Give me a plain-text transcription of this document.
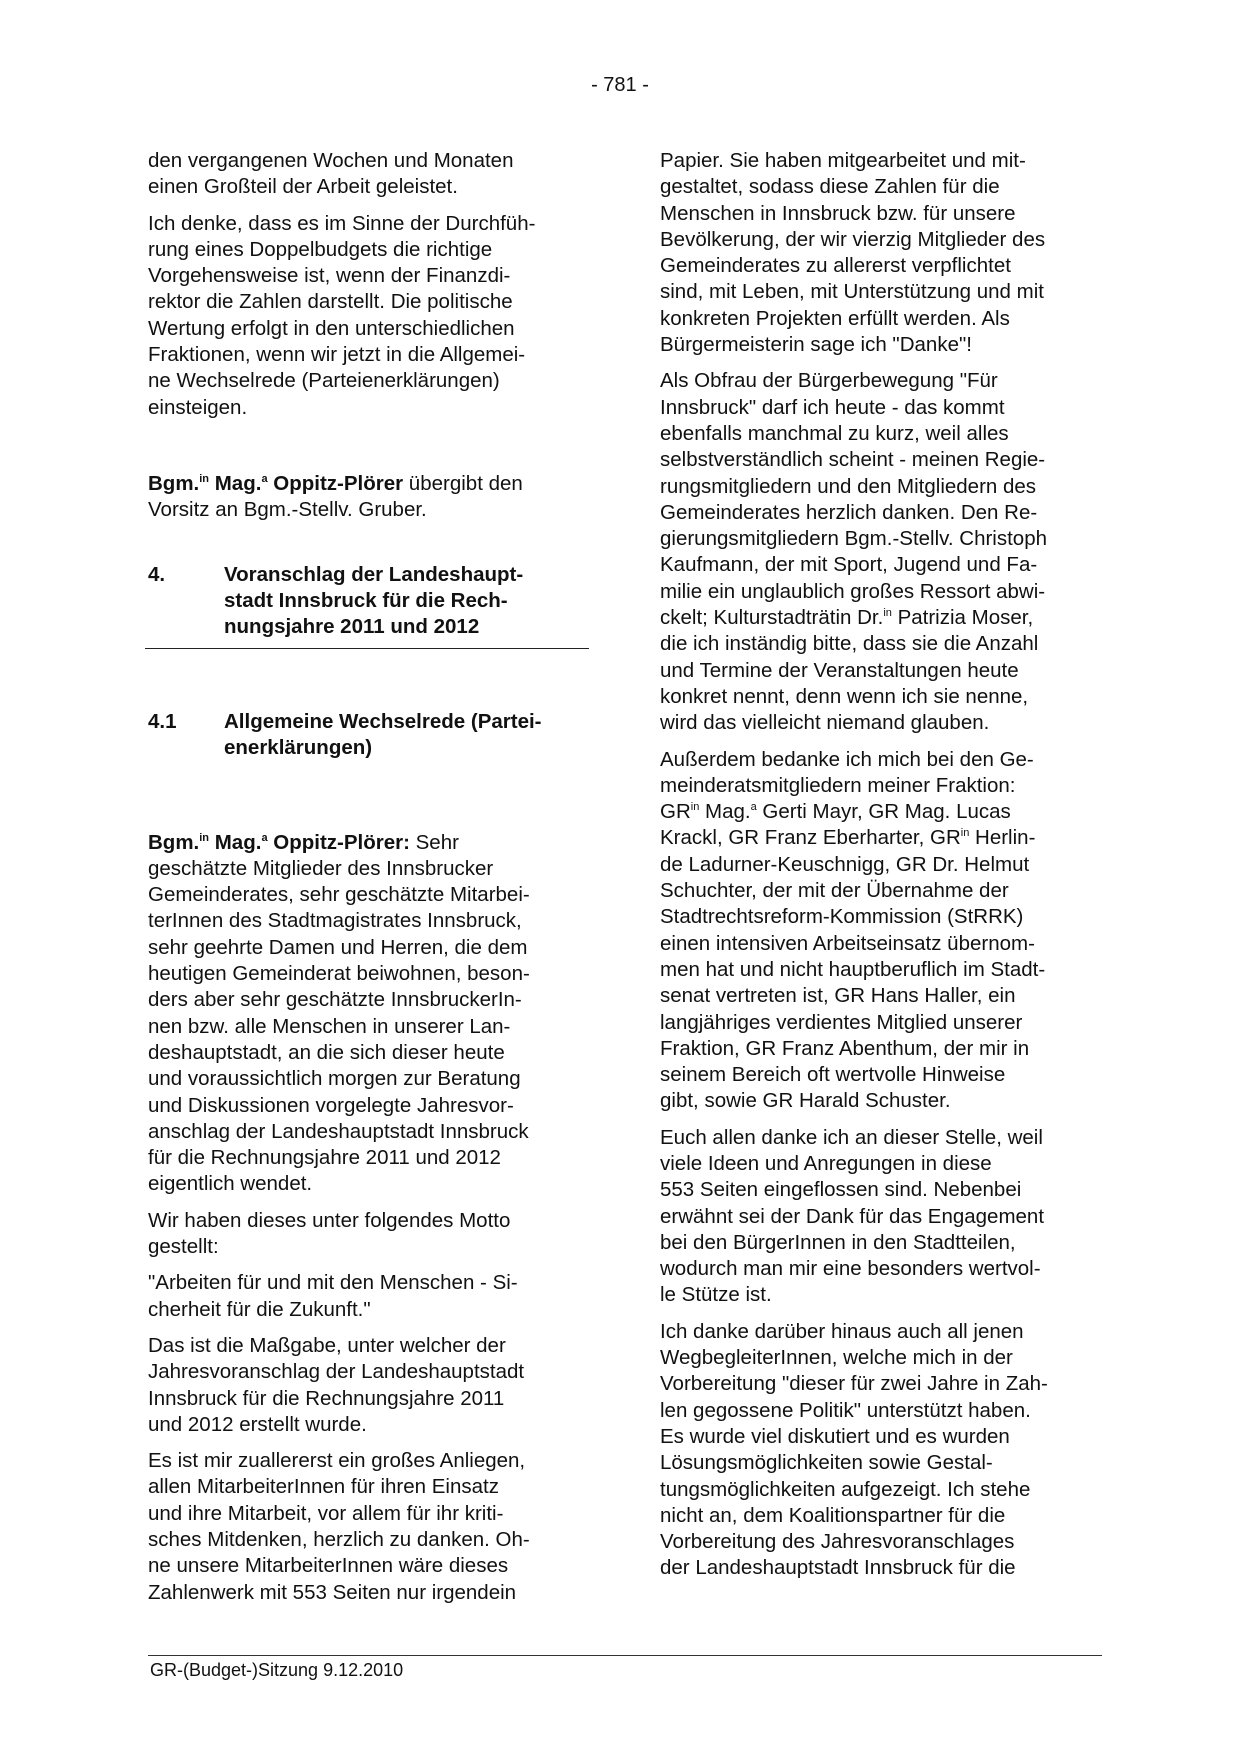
- 781 -

den vergangenen Wochen und Monaten
einen Großteil der Arbeit geleistet.

Ich denke, dass es im Sinne der Durchfüh-
rung eines Doppelbudgets die richtige
Vorgehensweise ist, wenn der Finanzdi-
rektor die Zahlen darstellt. Die politische
Wertung erfolgt in den unterschiedlichen
Fraktionen, wenn wir jetzt in die Allgemei-
ne Wechselrede (Parteienerklärungen)
einsteigen.

Bgm.$^{in}$ Mag.$^a$ Oppitz-Plörer übergibt den
Vorsitz an Bgm.-Stellv. Gruber.

4.	Voranschlag der Landeshaupt-
stadt Innsbruck für die Rech-
nungsjahre 2011 und 2012
4.1	Allgemeine Wechselrede (Partei-
enerklärungen)

Bgm.$^{in}$ Mag.$^a$ Oppitz-Plörer: Sehr
geschätzte Mitglieder des Innsbrucker
Gemeinderates, sehr geschätzte Mitarbei-
terInnen des Stadtmagistrates Innsbruck,
sehr geehrte Damen und Herren, die dem
heutigen Gemeinderat beiwohnen, beson-
ders aber sehr geschätzte InnsbruckerIn-
nen bzw. alle Menschen in unserer Lan-
deshauptstadt, an die sich dieser heute
und voraussichtlich morgen zur Beratung
und Diskussionen vorgelegte Jahresvor-
anschlag der Landeshauptstadt Innsbruck
für die Rechnungsjahre 2011 und 2012
eigentlich wendet.

Wir haben dieses unter folgendes Motto
gestellt:

"Arbeiten für und mit den Menschen - Si-
cherheit für die Zukunft."

Das ist die Maßgabe, unter welcher der
Jahresvoranschlag der Landeshauptstadt
Innsbruck für die Rechnungsjahre 2011
und 2012 erstellt wurde.

Es ist mir zuallererst ein großes Anliegen,
allen MitarbeiterInnen für ihren Einsatz
und ihre Mitarbeit, vor allem für ihr kriti-
sches Mitdenken, herzlich zu danken. Oh-
ne unsere MitarbeiterInnen wäre dieses
Zahlenwerk mit 553 Seiten nur irgendein

Papier. Sie haben mitgearbeitet und mit-
gestaltet, sodass diese Zahlen für die
Menschen in Innsbruck bzw. für unsere
Bevölkerung, der wir vierzig Mitglieder des
Gemeinderates zu allererst verpflichtet
sind, mit Leben, mit Unterstützung und mit
konkreten Projekten erfüllt werden. Als
Bürgermeisterin sage ich "Danke"!

Als Obfrau der Bürgerbewegung "Für
Innsbruck" darf ich heute - das kommt
ebenfalls manchmal zu kurz, weil alles
selbstverständlich scheint - meinen Regie-
rungsmitgliedern und den Mitgliedern des
Gemeinderates herzlich danken. Den Re-
gierungsmitgliedern Bgm.-Stellv. Christoph
Kaufmann, der mit Sport, Jugend und Fa-
milie ein unglaublich großes Ressort abwi-
ckelt; Kulturstadträtin Dr.$^{in}$ Patrizia Moser,
die ich inständig bitte, dass sie die Anzahl
und Termine der Veranstaltungen heute
konkret nennt, denn wenn ich sie nenne,
wird das vielleicht niemand glauben.

Außerdem bedanke ich mich bei den Ge-
meinderatsmitgliedern meiner Fraktion:
$GR^{in}$ Mag.$^a$ Gerti Mayr, GR Mag. Lucas
Krackl, GR Franz Eberharter, $GR^{in}$ Herlin-
de Ladurner-Keuschnigg, GR Dr. Helmut
Schuchter, der mit der Übernahme der
Stadtrechtsreform-Kommission (StRRK)
einen intensiven Arbeitseinsatz übernom-
men hat und nicht hauptberuflich im Stadt-
senat vertreten ist, GR Hans Haller, ein
langjähriges verdientes Mitglied unserer
Fraktion, GR Franz Abenthum, der mir in
seinem Bereich oft wertvolle Hinweise
gibt, sowie GR Harald Schuster.

Euch allen danke ich an dieser Stelle, weil
viele Ideen und Anregungen in diese
553 Seiten eingeflossen sind. Nebenbei
erwähnt sei der Dank für das Engagement
bei den BürgerInnen in den Stadtteilen,
wodurch man mir eine besonders wertvol-
le Stütze ist.

Ich danke darüber hinaus auch all jenen
WegbegleiterInnen, welche mich in der
Vorbereitung "dieser für zwei Jahre in Zah-
len gegossene Politik" unterstützt haben.
Es wurde viel diskutiert und es wurden
Lösungsmöglichkeiten sowie Gestal-
tungsmöglichkeiten aufgezeigt. Ich stehe
nicht an, dem Koalitionspartner für die
Vorbereitung des Jahresvoranschlages
der Landeshauptstadt Innsbruck für die

GR-(Budget-)Sitzung 9.12.2010
